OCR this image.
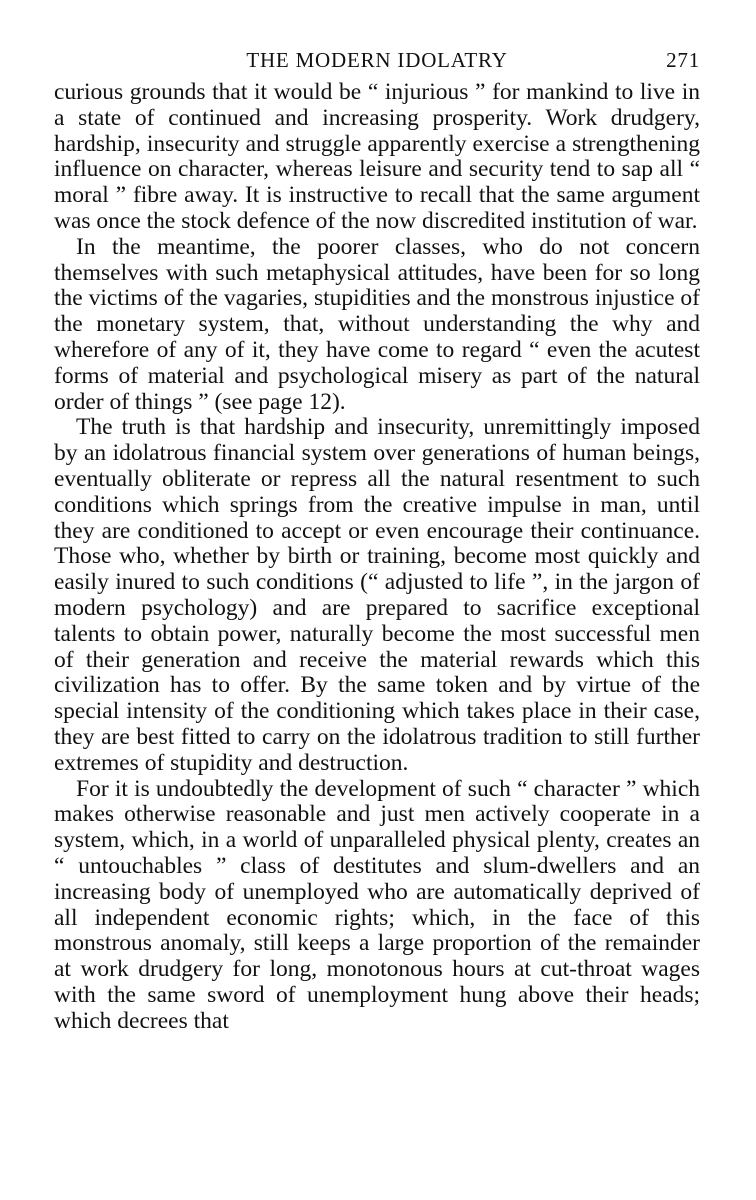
THE MODERN IDOLATRY	271

curious grounds that it would be “ injurious ” for mankind to live in a state of continued and increasing prosperity. Work drudgery, hardship, insecurity and struggle apparently exercise a strengthening influence on character, whereas leisure and security tend to sap all “ moral ” fibre away. It is instructive to recall that the same argument was once the stock defence of the now discredited institution of war.

In the meantime, the poorer classes, who do not concern themselves with such metaphysical attitudes, have been for so long the victims of the vagaries, stupidities and the monstrous injustice of the monetary system, that, without understanding the why and wherefore of any of it, they have come to regard “ even the acutest forms of material and psychological misery as part of the natural order of things ” (see page 12).

The truth is that hardship and insecurity, unremittingly imposed by an idolatrous financial system over generations of human beings, eventually obliterate or repress all the natural resentment to such conditions which springs from the creative impulse in man, until they are conditioned to accept or even encourage their continuance. Those who, whether by birth or training, become most quickly and easily inured to such conditions (“ adjusted to life ”, in the jargon of modern psychology) and are prepared to sacrifice exceptional talents to obtain power, naturally become the most successful men of their generation and receive the material rewards which this civilization has to offer. By the same token and by virtue of the special intensity of the conditioning which takes place in their case, they are best fitted to carry on the idolatrous tradition to still further extremes of stupidity and destruction.

For it is undoubtedly the development of such “ character ” which makes otherwise reasonable and just men actively cooperate in a system, which, in a world of unparalleled physical plenty, creates an “ untouchables ” class of destitutes and slum-dwellers and an increasing body of unemployed who are automatically deprived of all independent economic rights; which, in the face of this monstrous anomaly, still keeps a large proportion of the remainder at work drudgery for long, monotonous hours at cut-throat wages with the same sword of unemployment hung above their heads; which decrees that
